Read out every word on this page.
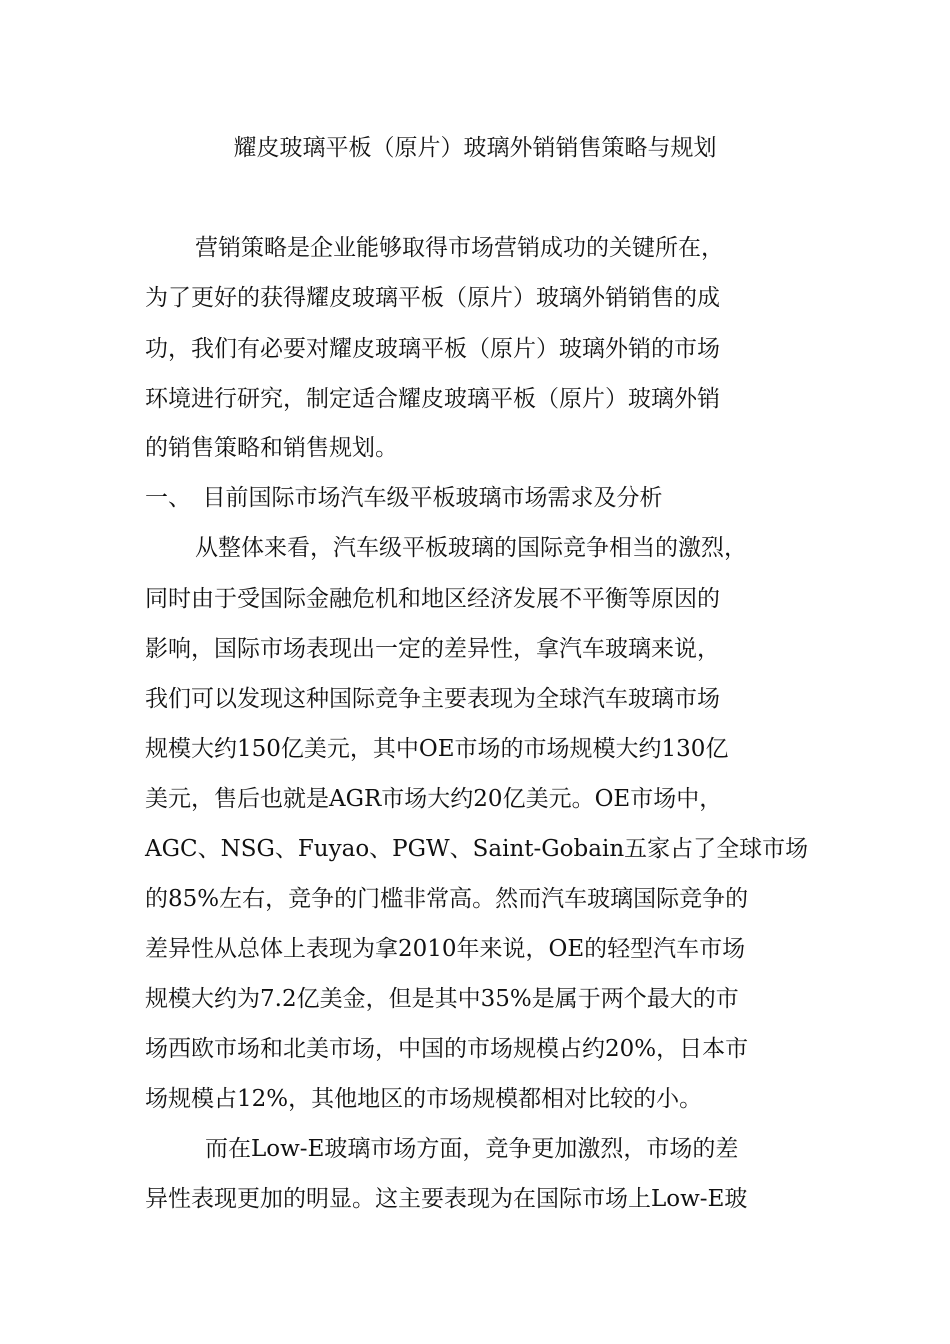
耀皮玻璃平板（原片）玻璃外销销售策略与规划

营销策略是企业能够取得市场营销成功的关键所在，

为了更好的获得耀皮玻璃平板（原片）玻璃外销销售的成

功，我们有必要对耀皮玻璃平板（原片）玻璃外销的市场

环境进行研究，制定适合耀皮玻璃平板（原片）玻璃外销

的销售策略和销售规划。

一、　目前国际市场汽车级平板玻璃市场需求及分析

从整体来看，汽车级平板玻璃的国际竞争相当的激烈，

同时由于受国际金融危机和地区经济发展不平衡等原因的

影响，国际市场表现出一定的差异性，拿汽车玻璃来说，

我们可以发现这种国际竞争主要表现为全球汽车玻璃市场

规模大约150亿美元，其中OE市场的市场规模大约130亿

美元，售后也就是AGR市场大约20亿美元。OE市场中，

AGC、NSG、Fuyao、PGW、Saint-Gobain五家占了全球市场

的85%左右，竞争的门槛非常高。然而汽车玻璃国际竞争的

差异性从总体上表现为拿2010年来说，OE的轻型汽车市场

规模大约为7.2亿美金，但是其中35%是属于两个最大的市

场西欧市场和北美市场，中国的市场规模占约20%，日本市

场规模占12%，其他地区的市场规模都相对比较的小。

而在Low-E玻璃市场方面，竞争更加激烈，市场的差

异性表现更加的明显。这主要表现为在国际市场上Low-E玻
